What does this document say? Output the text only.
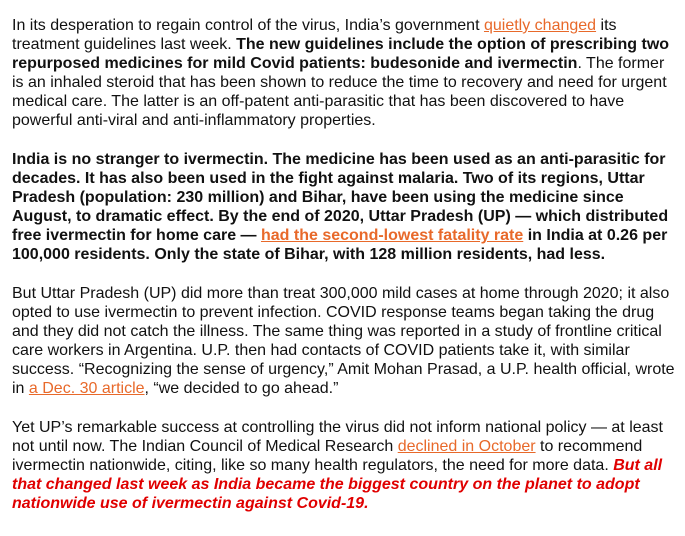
In its desperation to regain control of the virus, India’s government quietly changed its treatment guidelines last week. The new guidelines include the option of prescribing two repurposed medicines for mild Covid patients: budesonide and ivermectin. The former is an inhaled steroid that has been shown to reduce the time to recovery and need for urgent medical care. The latter is an off-patent anti-parasitic that has been discovered to have powerful anti-viral and anti-inflammatory properties.

India is no stranger to ivermectin. The medicine has been used as an anti-parasitic for decades. It has also been used in the fight against malaria. Two of its regions, Uttar Pradesh (population: 230 million) and Bihar, have been using the medicine since August, to dramatic effect. By the end of 2020, Uttar Pradesh (UP) — which distributed free ivermectin for home care — had the second-lowest fatality rate in India at 0.26 per 100,000 residents. Only the state of Bihar, with 128 million residents, had less.

But Uttar Pradesh (UP) did more than treat 300,000 mild cases at home through 2020; it also opted to use ivermectin to prevent infection. COVID response teams began taking the drug and they did not catch the illness. The same thing was reported in a study of frontline critical care workers in Argentina. U.P. then had contacts of COVID patients take it, with similar success. “Recognizing the sense of urgency,” Amit Mohan Prasad, a U.P. health official, wrote in a Dec. 30 article, “we decided to go ahead.”

Yet UP’s remarkable success at controlling the virus did not inform national policy — at least not until now. The Indian Council of Medical Research declined in October to recommend ivermectin nationwide, citing, like so many health regulators, the need for more data. But all that changed last week as India became the biggest country on the planet to adopt nationwide use of ivermectin against Covid-19.
